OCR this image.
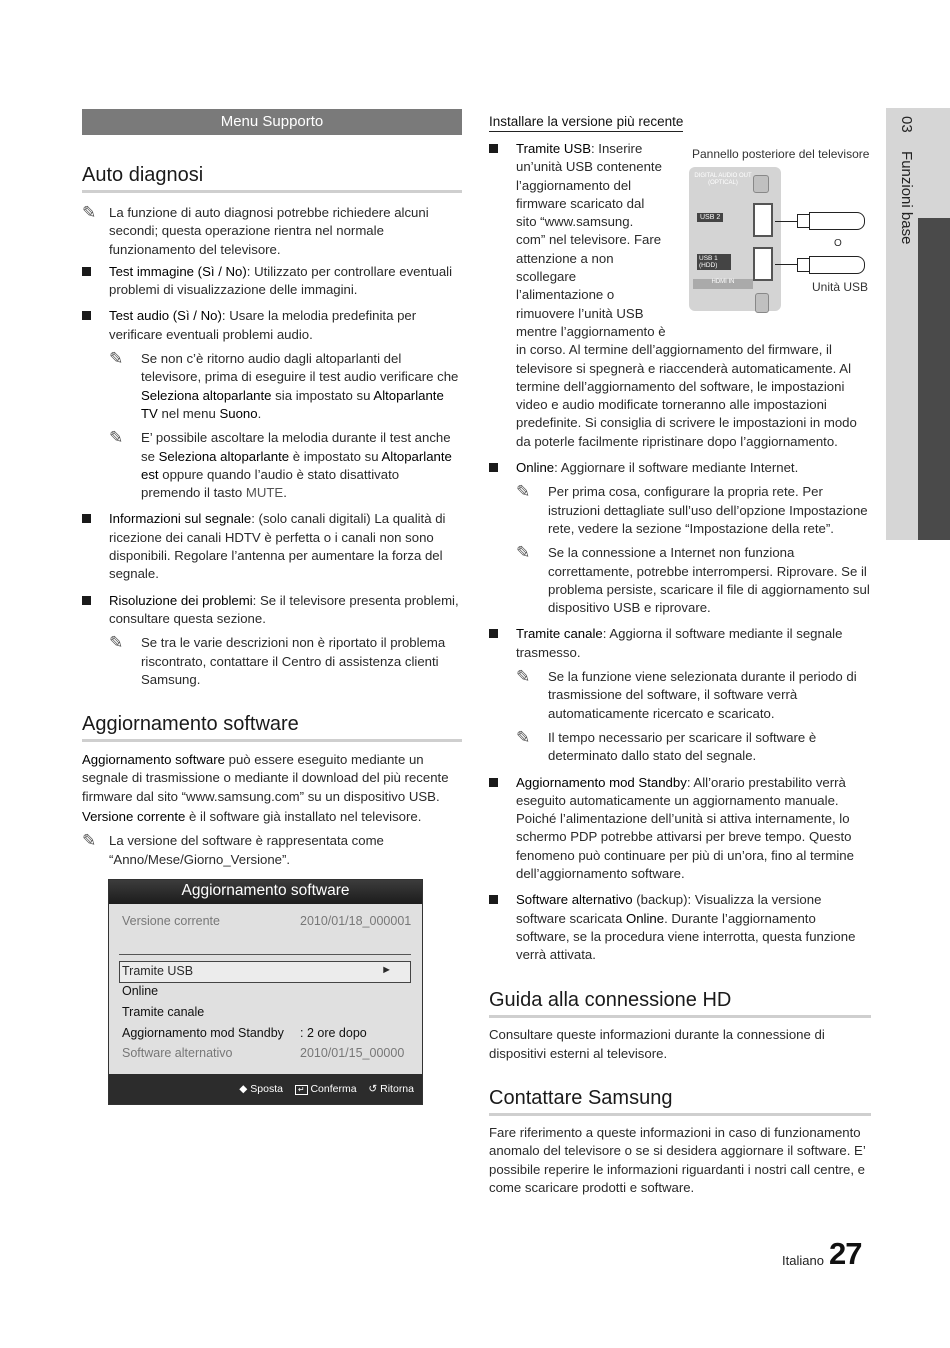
03  Funzioni base
Menu Supporto
Auto diagnosi
✎ La funzione di auto diagnosi potrebbe richiedere alcuni secondi; questa operazione rientra nel normale funzionamento del televisore.

Test immagine (Sì / No): Utilizzato per controllare eventuali problemi di visualizzazione delle immagini.

Test audio (Sì / No): Usare la melodia predefinita per verificare eventuali problemi audio.

✎ Se non c’è ritorno audio dagli altoparlanti del televisore, prima di eseguire il test audio verificare che Seleziona altoparlante sia impostato su Altoparlante TV nel menu Suono.

✎ E’ possibile ascoltare la melodia durante il test anche se Seleziona altoparlante è impostato su Altoparlante est oppure quando l’audio è stato disattivato premendo il tasto MUTE.

Informazioni sul segnale: (solo canali digitali) La qualità di ricezione dei canali HDTV è perfetta o i canali non sono disponibili. Regolare l’antenna per aumentare la forza del segnale.

Risoluzione dei problemi: Se il televisore presenta problemi, consultare questa sezione.

✎ Se tra le varie descrizioni non è riportato il problema riscontrato, contattare il Centro di assistenza clienti Samsung.

Aggiornamento software

Aggiornamento software può essere eseguito mediante un segnale di trasmissione o mediante il download del più recente firmware dal sito “www.samsung.com” su un dispositivo USB.

Versione corrente è il software già installato nel televisore.

✎ La versione del software è rappresentata come “Anno/Mese/Giorno_Versione”.

Aggiornamento software
Versione corrente	2010/01/18_000001
Tramite USB	►
Online
Tramite canale
Aggiornamento mod Standby : 2 ore dopo
Software alternativo	2010/01/15_00000
◆ Sposta ↵ Conferma ↺ Ritorna
Installare la versione più recente
Pannello posteriore del televisore
DIGITAL AUDIO OUT (OPTICAL)
USB 2
USB 1 (HDD)
HDMI IN
O
Unità USB

Tramite USB: Inserire un’unità USB contenente l’aggiornamento del firmware scaricato dal sito “www.samsung. com” nel televisore. Fare attenzione a non scollegare l’alimentazione o rimuovere l’unità USB mentre l’aggiornamento è in corso. Al termine dell’aggiornamento del firmware, il televisore si spegnerà e riaccenderà automaticamente. Al termine dell’aggiornamento del software, le impostazioni video e audio modificate torneranno alle impostazioni predefinite. Si consiglia di scrivere le impostazioni in modo da poterle facilmente ripristinare dopo l’aggiornamento.

Online: Aggiornare il software mediante Internet.

✎ Per prima cosa, configurare la propria rete. Per istruzioni dettagliate sull’uso dell’opzione Impostazione rete, vedere la sezione “Impostazione della rete”.

✎ Se la connessione a Internet non funziona correttamente, potrebbe interrompersi. Riprovare. Se il problema persiste, scaricare il file di aggiornamento sul dispositivo USB e riprovare.

Tramite canale: Aggiorna il software mediante il segnale trasmesso.

✎ Se la funzione viene selezionata durante il periodo di trasmissione del software, il software verrà automaticamente ricercato e scaricato.

✎ Il tempo necessario per scaricare il software è determinato dallo stato del segnale.

Aggiornamento mod Standby: All’orario prestabilito verrà eseguito automaticamente un aggiornamento manuale. Poiché l’alimentazione dell’unità si attiva internamente, lo schermo PDP potrebbe attivarsi per breve tempo. Questo fenomeno può continuare per più di un’ora, fino al termine dell’aggiornamento software.

Software alternativo (backup): Visualizza la versione software scaricata Online. Durante l’aggiornamento software, se la procedura viene interrotta, questa funzione verrà attivata.

Guida alla connessione HD

Consultare queste informazioni durante la connessione di dispositivi esterni al televisore.

Contattare Samsung

Fare riferimento a queste informazioni in caso di funzionamento anomalo del televisore o se si desidera aggiornare il software. E’ possibile reperire le informazioni riguardanti i nostri call centre, e come scaricare prodotti e software.

Italiano 27
